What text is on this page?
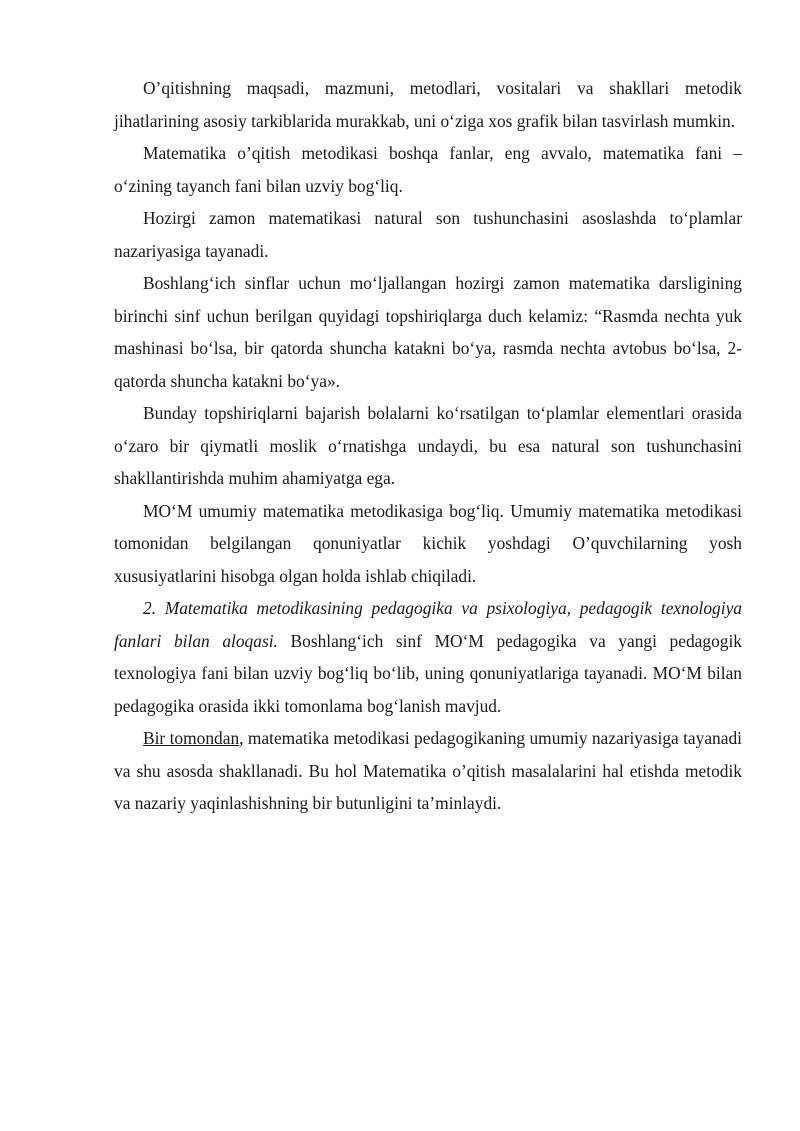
O’qitishning maqsadi, mazmuni, metodlari, vositalari va shakllari metodik jihatlarining asosiy tarkiblarida murakkab, uni o‘ziga xos grafik bilan tasvirlash mumkin.

Matematika o’qitish metodikasi boshqa fanlar, eng avvalo, matematika fani – o‘zining tayanch fani bilan uzviy bog‘liq.

Hozirgi zamon matematikasi natural son tushunchasini asoslashda to‘plamlar nazariyasiga tayanadi.

Boshlang‘ich sinflar uchun mo‘ljallangan hozirgi zamon matematika darsligining birinchi sinf uchun berilgan quyidagi topshiriqlarga duch kelamiz: “Rasmda nechta yuk mashinasi bo‘lsa, bir qatorda shuncha katakni bo‘ya, rasmda nechta avtobus bo‘lsa, 2-qatorda shuncha katakni bo‘ya».

Bunday topshiriqlarni bajarish bolalarni ko‘rsatilgan to‘plamlar elementlari orasida o‘zaro bir qiymatli moslik o‘rnatishga undaydi, bu esa natural son tushunchasini shakllantirishda muhim ahamiyatga ega.

MO‘M umumiy matematika metodikasiga bog‘liq. Umumiy matematika metodikasi tomonidan belgilangan qonuniyatlar kichik yoshdagi O’quvchilarning yosh xususiyatlarini hisobga olgan holda ishlab chiqiladi.

2. Matematika metodikasining pedagogika va psixologiya, pedagogik texnologiya fanlari bilan aloqasi. Boshlang‘ich sinf MO‘M pedagogika va yangi pedagogik texnologiya fani bilan uzviy bog‘liq bo‘lib, uning qonuniyatlariga tayanadi. MO‘M bilan pedagogika orasida ikki tomonlama bog‘lanish mavjud.

Bir tomondan, matematika metodikasi pedagogikaning umumiy nazariyasiga tayanadi va shu asosda shakllanadi. Bu hol Matematika o’qitish masalalarini hal etishda metodik va nazariy yaqinlashishning bir butunligini ta’minlaydi.
